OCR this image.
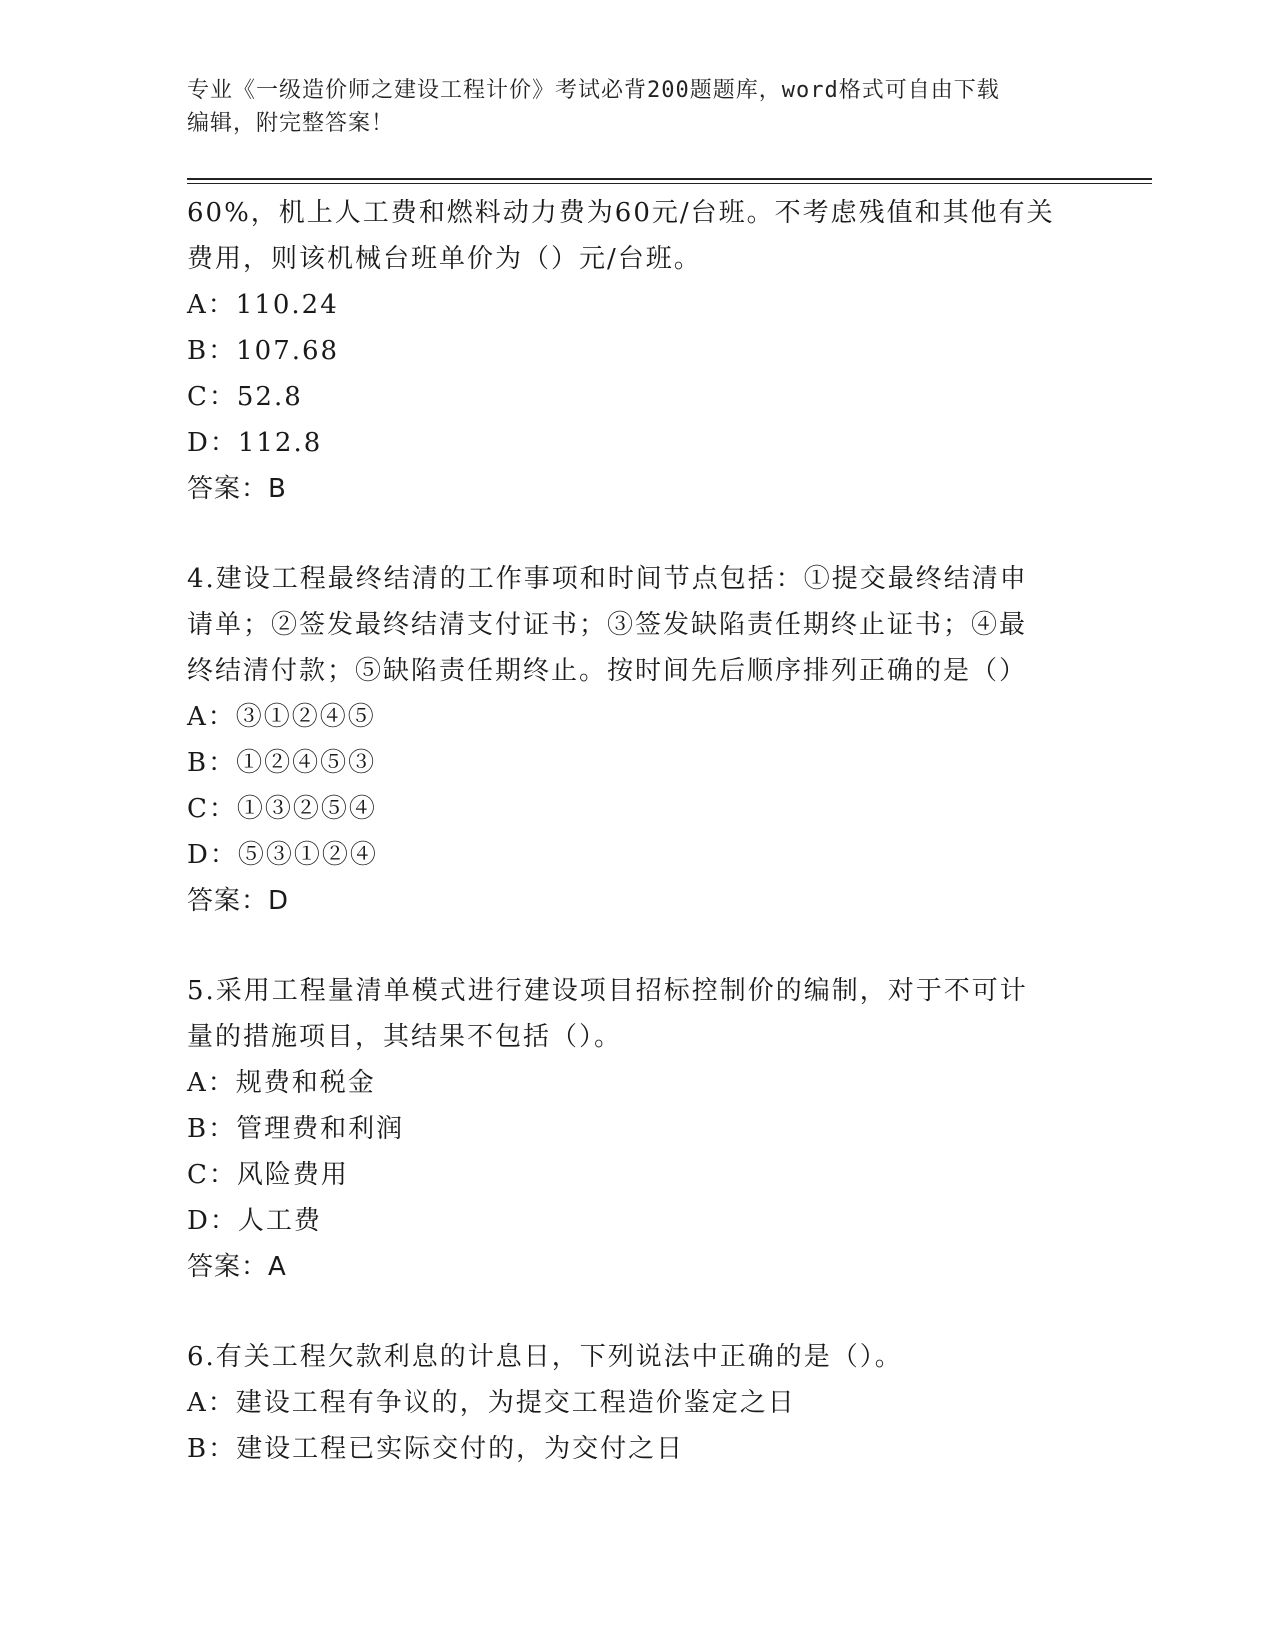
专业《一级造价师之建设工程计价》考试必背200题题库，word格式可自由下载
编辑，附完整答案！
60%，机上人工费和燃料动力费为60元/台班。不考虑残值和其他有关
费用，则该机械台班单价为（）元/台班。
A：110.24
B：107.68
C：52.8
D：112.8
答案：B
4.建设工程最终结清的工作事项和时间节点包括：①提交最终结清申
请单；②签发最终结清支付证书；③签发缺陷责任期终止证书；④最
终结清付款；⑤缺陷责任期终止。按时间先后顺序排列正确的是（）
A：③①②④⑤
B：①②④⑤③
C：①③②⑤④
D：⑤③①②④
答案：D
5.采用工程量清单模式进行建设项目招标控制价的编制，对于不可计
量的措施项目，其结果不包括（）。
A：规费和税金
B：管理费和利润
C：风险费用
D：人工费
答案：A
6.有关工程欠款利息的计息日，下列说法中正确的是（）。
A：建设工程有争议的，为提交工程造价鉴定之日
B：建设工程已实际交付的，为交付之日
